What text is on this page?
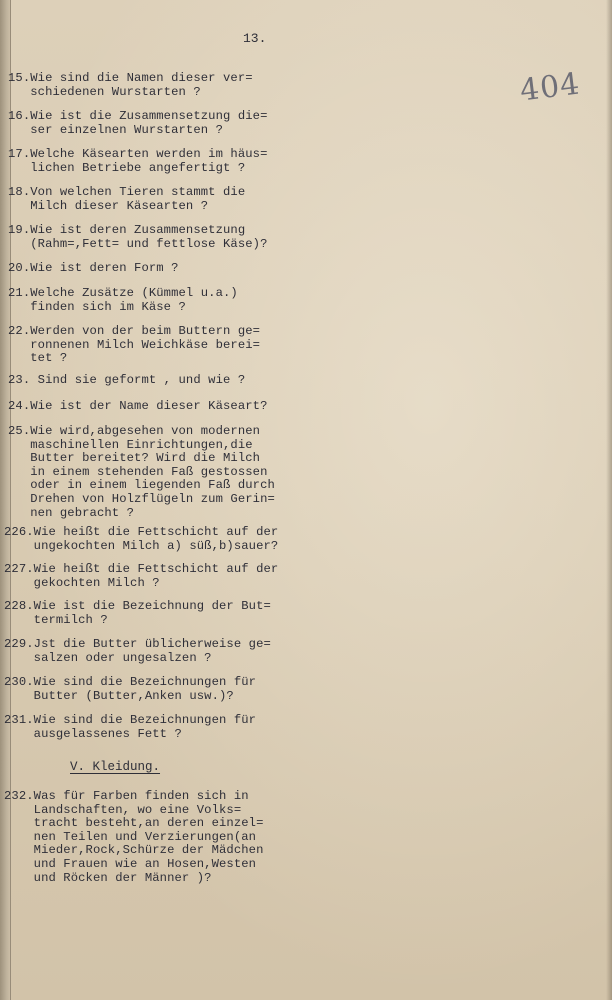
13.
404
15.Wie sind die Namen dieser ver=
schiedenen Wurstarten ?
16.Wie ist die Zusammensetzung die=
ser einzelnen Wurstarten ?
17.Welche Käsearten werden im häus=
lichen Betriebe angefertigt ?
18.Von welchen Tieren stammt die
Milch dieser Käsearten ?
19.Wie ist deren Zusammensetzung
(Rahm=,Fett= und fettlose Käse)?
20.Wie ist deren Form ?
21.Welche Zusätze (Kümmel u.a.)
finden sich im Käse ?
22.Werden von der beim Buttern ge=
ronnenen Milch Weichkäse berei=
tet ?
23. Sind sie geformt , und wie ?
24.Wie ist der Name dieser Käseart?
25.Wie wird,abgesehen von modernen
maschinellen Einrichtungen,die
Butter bereitet? Wird die Milch
in einem stehenden Faß gestossen
oder in einem liegenden Faß durch
Drehen von Holzflügeln zum Gerin=
nen gebracht ?
226.Wie heißt die Fettschicht auf der
ungekochten Milch a) süß,b)sauer?
227.Wie heißt die Fettschicht auf der
gekochten Milch ?
228.Wie ist die Bezeichnung der But=
termilch ?
229.Jst die Butter üblicherweise ge=
salzen oder ungesalzen ?
230.Wie sind die Bezeichnungen für
Butter (Butter,Anken usw.)?
231.Wie sind die Bezeichnungen für
ausgelassenes Fett ?
V. Kleidung.
232.Was für Farben finden sich in
Landschaften, wo eine Volks=
tracht besteht,an deren einzel=
nen Teilen und Verzierungen(an
Mieder,Rock,Schürze der Mädchen
und Frauen wie an Hosen,Westen
und Röcken der Männer )?
